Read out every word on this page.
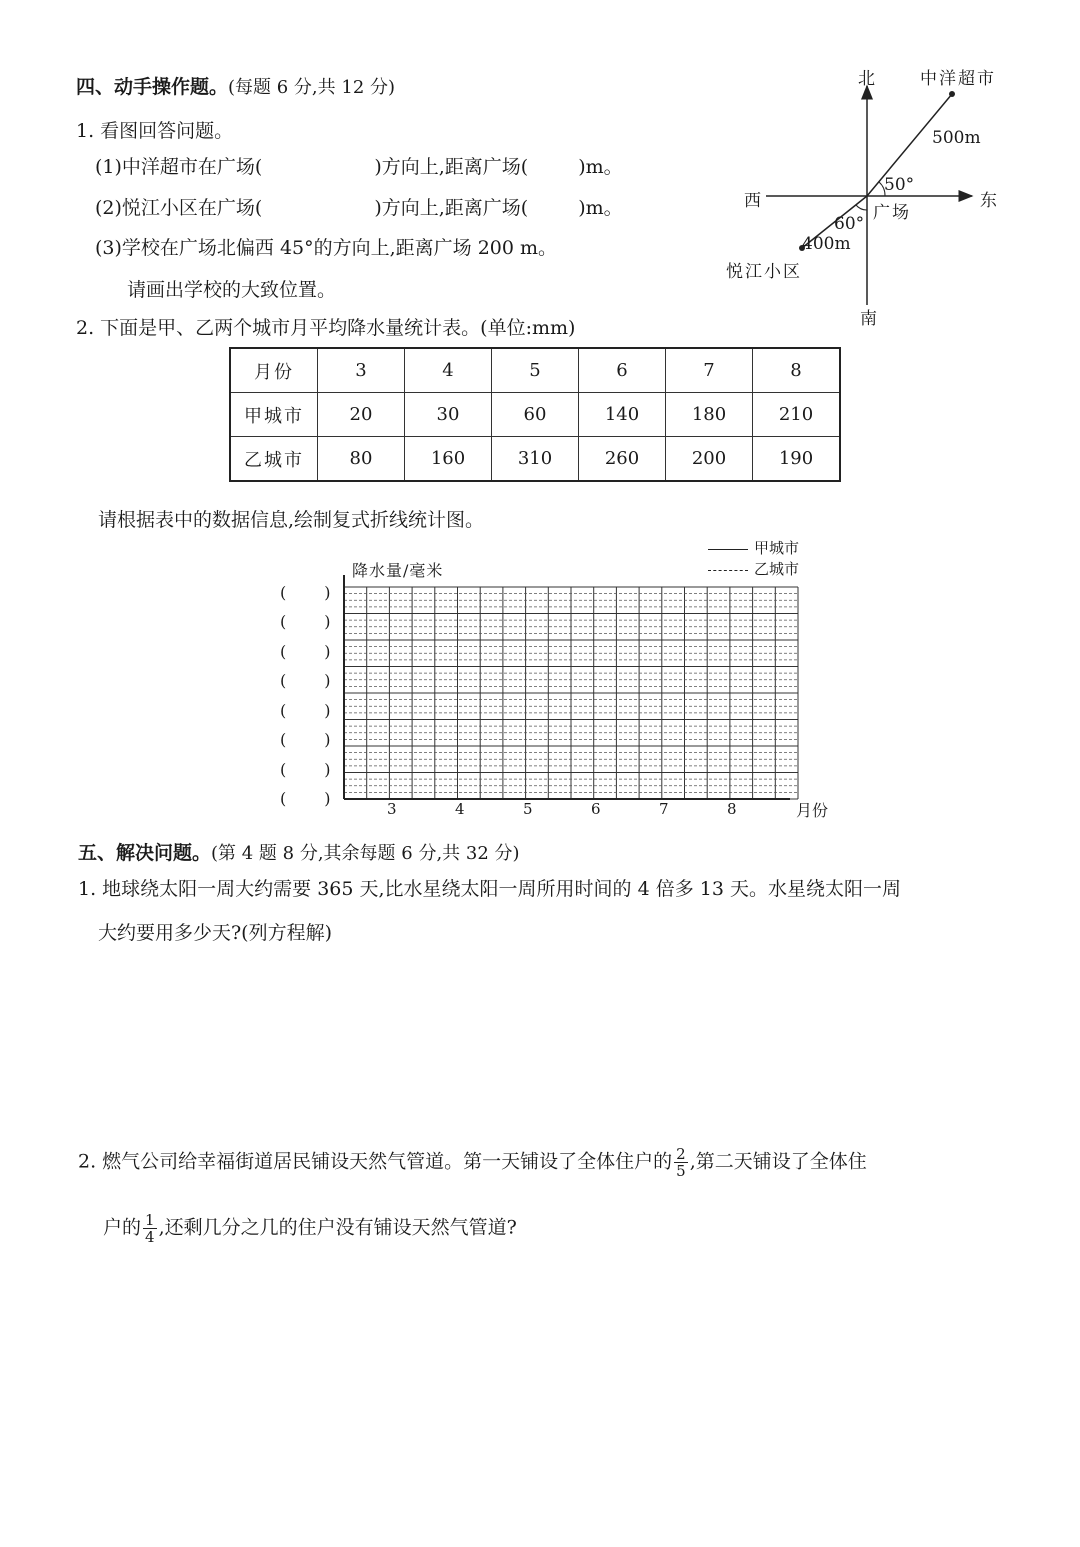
四、动手操作题。(每题 6 分,共 12 分)
1. 看图回答问题。
(1)中洋超市在广场(	)方向上,距离广场(	)m。
(2)悦江小区在广场(	)方向上,距离广场(	)m。
(3)学校在广场北偏西 45°的方向上,距离广场 200 m。
请画出学校的大致位置。
北
南
东
西
中洋超市
500m
50°
广场
60°
400m
悦江小区
2. 下面是甲、乙两个城市月平均降水量统计表。(单位:mm)
月份	3	4	5	6	7	8
甲城市	20	30	60	140	180	210
乙城市	80	160	310	260	200	190
请根据表中的数据信息,绘制复式折线统计图。
降水量/毫米
月份
甲城市
乙城市
3	4	5	6	7	8
( )
( )
( )
( )
( )
( )
( )
( )
五、解决问题。(第 4 题 8 分,其余每题 6 分,共 32 分)
1. 地球绕太阳一周大约需要 365 天,比水星绕太阳一周所用时间的 4 倍多 13 天。水星绕太阳一周
大约要用多少天?(列方程解)
2. 燃气公司给幸福街道居民铺设天然气管道。第一天铺设了全体住户的 $\frac{2}{5}$ ,第二天铺设了全体住
户的 $\frac{1}{4}$ ,还剩几分之几的住户没有铺设天然气管道?
